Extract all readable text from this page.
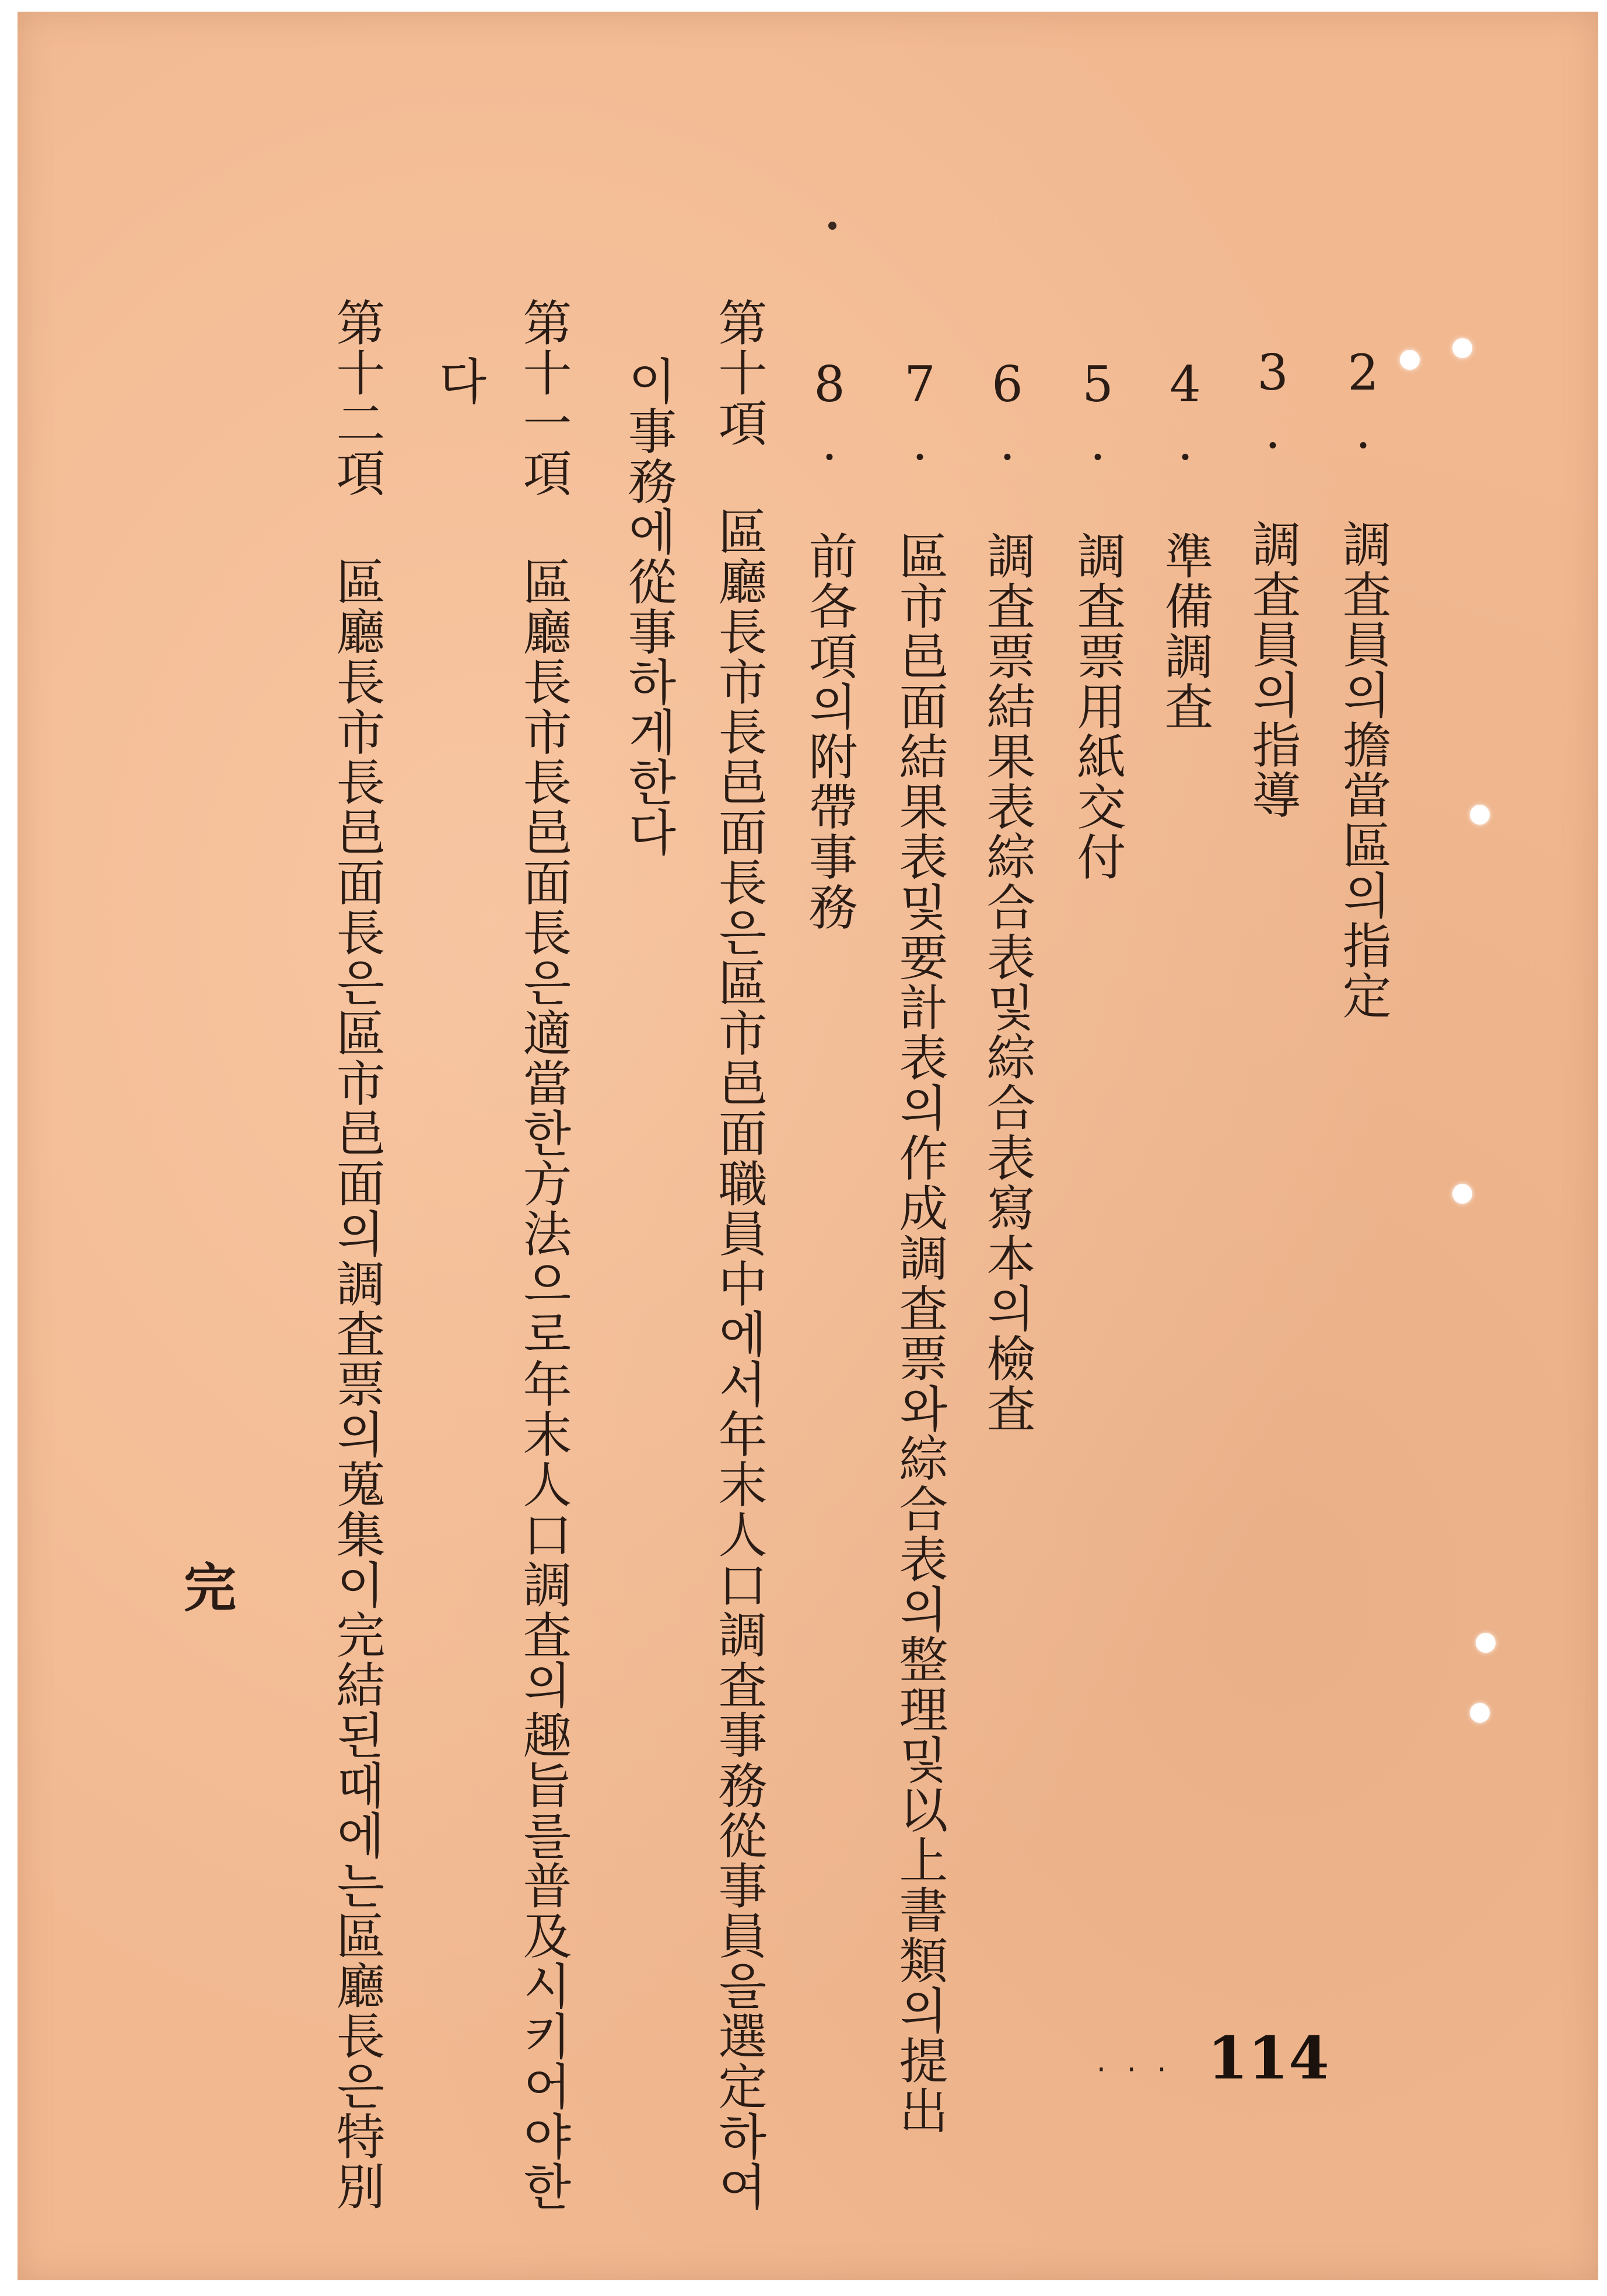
2. 調査員의擔當區의指定
3. 調査員의指導
4. 準備調査
5. 調査票用紙交付
6. 調査票結果表綜合表및綜合表寫本의檢査
7. 區市邑面結果表및要計表의作成調査票와綜合表의整理및以上書類의提出
8. 前各項의附帶事務
第十項 區廳長市長邑面長은區市邑面職員中에서年末人口調査事務從事員을選定하여
이事務에從事하게한다
第十一項 區廳長市長邑面長은適當한方法으로年末人口調査의趣旨를普及시키어야한
다
第十二項 區廳長市長邑面長은區市邑面의調査票의蒐集이完結된때에는區廳長은特別
完
· · · 114
